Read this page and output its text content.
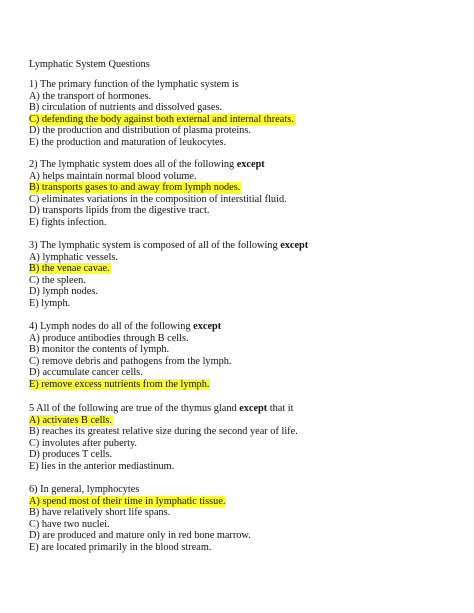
Lymphatic System Questions
1) The primary function of the lymphatic system is
A) the transport of hormones.
B) circulation of nutrients and dissolved gases.
C) defending the body against both external and internal threats.
D) the production and distribution of plasma proteins.
E) the production and maturation of leukocytes.
2) The lymphatic system does all of the following except
A) helps maintain normal blood volume.
B) transports gases to and away from lymph nodes.
C) eliminates variations in the composition of interstitial fluid.
D) transports lipids from the digestive tract.
E) fights infection.
3) The lymphatic system is composed of all of the following except
A) lymphatic vessels.
B) the venae cavae.
C) the spleen.
D) lymph nodes.
E) lymph.
4) Lymph nodes do all of the following except
A) produce antibodies through B cells.
B) monitor the contents of lymph.
C) remove debris and pathogens from the lymph.
D) accumulate cancer cells.
E) remove excess nutrients from the lymph.
5 All of the following are true of the thymus gland except that it
A) activates B cells.
B) reaches its greatest relative size during the second year of life.
C) involutes after puberty.
D) produces T cells.
E) lies in the anterior mediastinum.
6) In general, lymphocytes
A) spend most of their time in lymphatic tissue.
B) have relatively short life spans.
C) have two nuclei.
D) are produced and mature only in red bone marrow.
E) are located primarily in the blood stream.
